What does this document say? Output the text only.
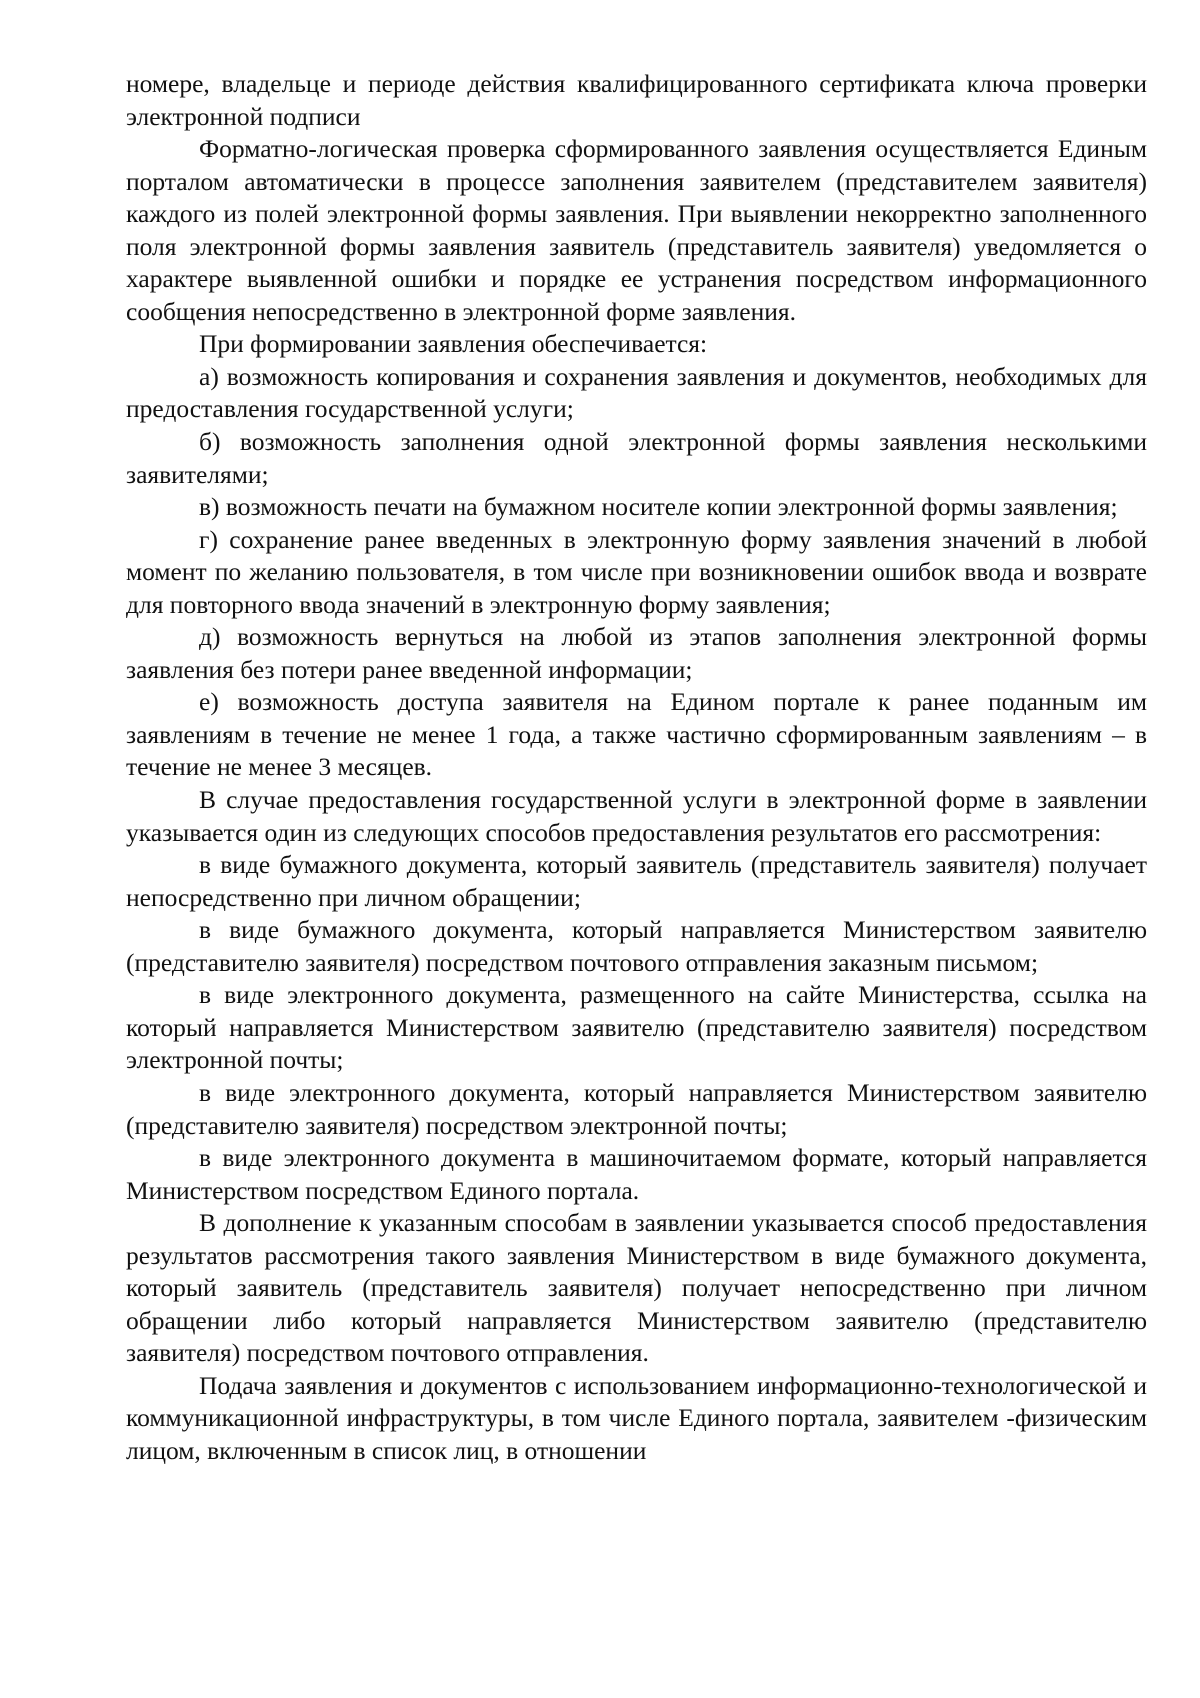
номере, владельце и периоде действия квалифицированного сертификата ключа проверки электронной подписи

Форматно-логическая проверка сформированного заявления осуществляется Единым порталом автоматически в процессе заполнения заявителем (представителем заявителя) каждого из полей электронной формы заявления. При выявлении некорректно заполненного поля электронной формы заявления заявитель (представитель заявителя) уведомляется о характере выявленной ошибки и порядке ее устранения посредством информационного сообщения непосредственно в электронной форме заявления.

При формировании заявления обеспечивается:

а) возможность копирования и сохранения заявления и документов, необходимых для предоставления государственной услуги;

б) возможность заполнения одной электронной формы заявления несколькими заявителями;

в) возможность печати на бумажном носителе копии электронной формы заявления;

г) сохранение ранее введенных в электронную форму заявления значений в любой момент по желанию пользователя, в том числе при возникновении ошибок ввода и возврате для повторного ввода значений в электронную форму заявления;

д) возможность вернуться на любой из этапов заполнения электронной формы заявления без потери ранее введенной информации;

е) возможность доступа заявителя на Едином портале к ранее поданным им заявлениям в течение не менее 1 года, а также частично сформированным заявлениям – в течение не менее 3 месяцев.

В случае предоставления государственной услуги в электронной форме в заявлении указывается один из следующих способов предоставления результатов его рассмотрения:

в виде бумажного документа, который заявитель (представитель заявителя) получает непосредственно при личном обращении;

в виде бумажного документа, который направляется Министерством заявителю (представителю заявителя) посредством почтового отправления заказным письмом;

в виде электронного документа, размещенного на сайте Министерства, ссылка на который направляется Министерством заявителю (представителю заявителя) посредством электронной почты;

в виде электронного документа, который направляется Министерством заявителю (представителю заявителя) посредством электронной почты;

в виде электронного документа в машиночитаемом формате, который направляется Министерством посредством Единого портала.

В дополнение к указанным способам в заявлении указывается способ предоставления результатов рассмотрения такого заявления Министерством в виде бумажного документа, который заявитель (представитель заявителя) получает непосредственно при личном обращении либо который направляется Министерством заявителю (представителю заявителя) посредством почтового отправления.

Подача заявления и документов с использованием информационно-технологической и коммуникационной инфраструктуры, в том числе Единого портала, заявителем -физическим лицом, включенным в список лиц, в отношении
